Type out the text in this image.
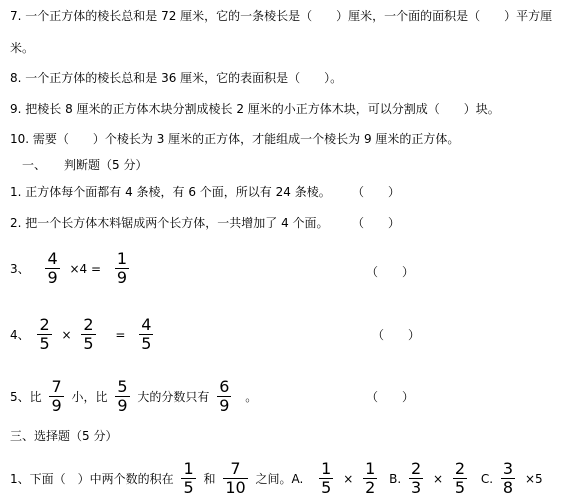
7. 一个正方体的棱长总和是 72 厘米，它的一条棱长是（　　）厘米，一个面的面积是（　　）平方厘
米。
8. 一个正方体的棱长总和是 36 厘米，它的表面积是（　　）。
9. 把棱长 8 厘米的正方体木块分割成棱长 2 厘米的小正方体木块，可以分割成（　　）块。
10. 需要（　　）个棱长为 3 厘米的正方体，才能组成一个棱长为 9 厘米的正方体。
一、　　判断题（5 分）
1. 正方体每个面都有 4 条棱，有 6 个面，所以有 24 条棱。 （　　）
2. 把一个长方体木料锯成两个长方体，一共增加了 4 个面。 （　　）
3、 $\frac{4}{9} \times 4 = \frac{1}{9}$	（　　）
4、 $\frac{2}{5} \times \frac{2}{5} = \frac{4}{5}$	（　　）
5、比 $\frac{7}{9}$ 小，比 $\frac{5}{9}$ 大的分数只有 $\frac{6}{9}$ 。	（　　）
三、选择题（5 分）
1、下面（　）中两个数的积在 $\frac{1}{5}$ 和 $\frac{7}{10}$ 之间。A. $\frac{1}{5} \times \frac{1}{2} B$. $\frac{2}{3} \times \frac{2}{5} C$. $\frac{3}{8} \times 5$
